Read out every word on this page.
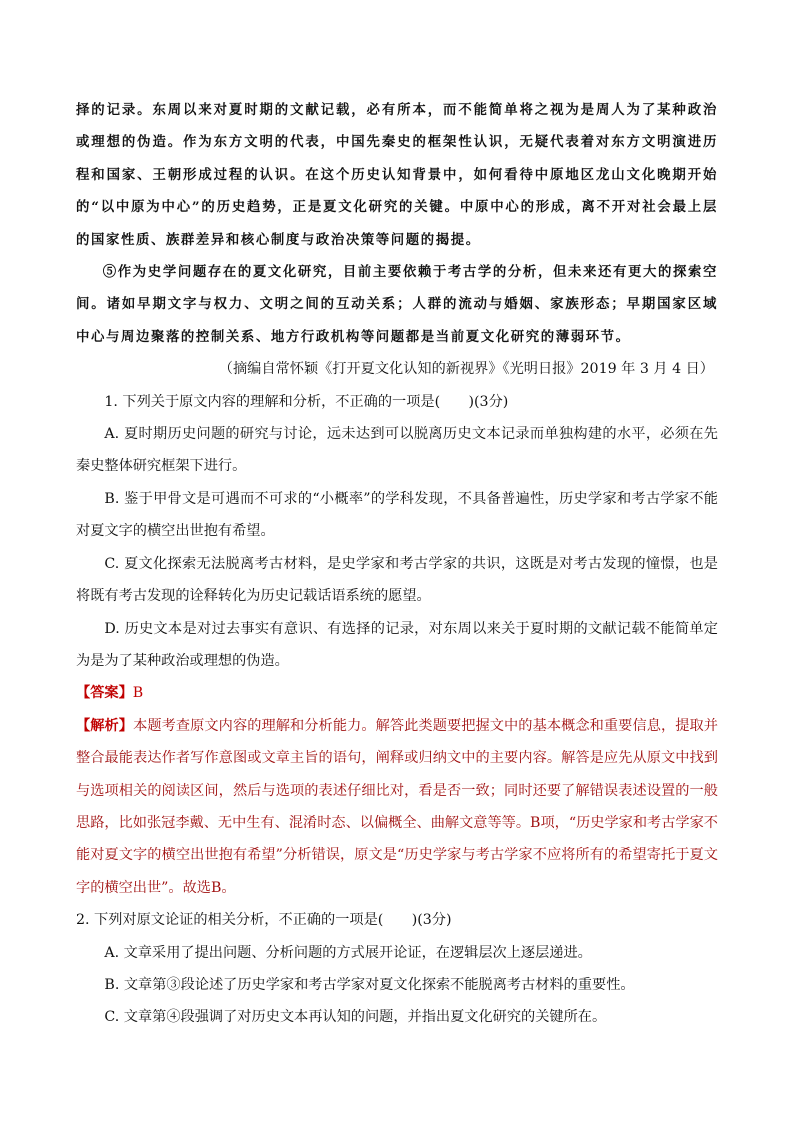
择的记录。东周以来对夏时期的文献记载，必有所本，而不能简单将之视为是周人为了某种政治或理想的伪造。作为东方文明的代表，中国先秦史的框架性认识，无疑代表着对东方文明演进历程和国家、王朝形成过程的认识。在这个历史认知背景中，如何看待中原地区龙山文化晚期开始的“以中原为中心”的历史趋势，正是夏文化研究的关键。中原中心的形成，离不开对社会最上层的国家性质、族群差异和核心制度与政治决策等问题的揭提。

⑤作为史学问题存在的夏文化研究，目前主要依赖于考古学的分析，但未来还有更大的探索空间。诸如早期文字与权力、文明之间的互动关系；人群的流动与婚姻、家族形态；早期国家区域中心与周边聚落的控制关系、地方行政机构等问题都是当前夏文化研究的薄弱环节。

（摘编自常怀颖《打开夏文化认知的新视界》《光明日报》2019 年 3 月 4 日）

1. 下列关于原文内容的理解和分析，不正确的一项是(　　)(3分)

A. 夏时期历史问题的研究与讨论，远未达到可以脱离历史文本记录而单独构建的水平，必须在先秦史整体研究框架下进行。

B. 鉴于甲骨文是可遇而不可求的“小概率”的学科发现，不具备普遍性，历史学家和考古学家不能对夏文字的横空出世抱有希望。

C. 夏文化探索无法脱离考古材料，是史学家和考古学家的共识，这既是对考古发现的憧憬，也是将既有考古发现的诠释转化为历史记载话语系统的愿望。

D. 历史文本是对过去事实有意识、有选择的记录，对东周以来关于夏时期的文献记载不能简单定为是为了某种政治或理想的伪造。

【答案】B

【解析】本题考查原文内容的理解和分析能力。解答此类题要把握文中的基本概念和重要信息，提取并整合最能表达作者写作意图或文章主旨的语句，阐释或归纳文中的主要内容。解答是应先从原文中找到与选项相关的阅读区间，然后与选项的表述仔细比对，看是否一致；同时还要了解错误表述设置的一般思路，比如张冠李戴、无中生有、混淆时态、以偏概全、曲解文意等等。B项，“历史学家和考古学家不能对夏文字的横空出世抱有希望”分析错误，原文是“历史学家与考古学家不应将所有的希望寄托于夏文字的横空出世”。故选B。

2. 下列对原文论证的相关分析，不正确的一项是(　　)(3分)

A. 文章采用了提出问题、分析问题的方式展开论证，在逻辑层次上逐层递进。

B. 文章第③段论述了历史学家和考古学家对夏文化探索不能脱离考古材料的重要性。

C. 文章第④段强调了对历史文本再认知的问题，并指出夏文化研究的关键所在。
